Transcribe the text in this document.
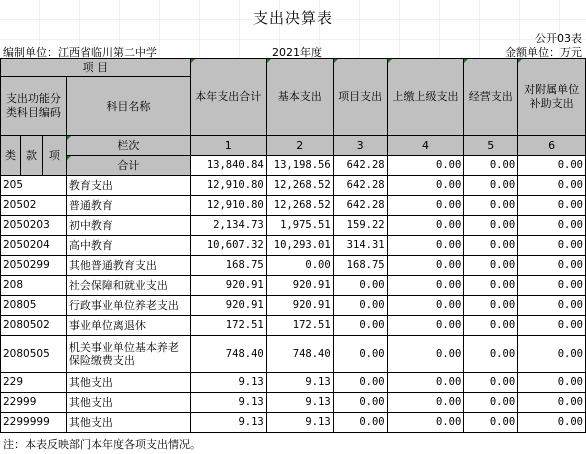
支出决算表
公开03表
编制单位：江西省临川第二中学	2021年度	金额单位：万元
项 目				本年支出合计	基本支出	项目支出	上缴上级支出	经营支出	对附属单位补助支出
支出功能分类科目编码			科目名称						

类	款	项	栏次	1	2	3	4	5	6
			合计	13,840.84	13,198.56	642.28	0.00	0.00	0.00
205			教育支出	12,910.80	12,268.52	642.28	0.00	0.00	0.00
20502			普通教育	12,910.80	12,268.52	642.28	0.00	0.00	0.00
2050203			初中教育	2,134.73	1,975.51	159.22	0.00	0.00	0.00
2050204			高中教育	10,607.32	10,293.01	314.31	0.00	0.00	0.00
2050299			其他普通教育支出	168.75	0.00	168.75	0.00	0.00	0.00
208			社会保障和就业支出	920.91	920.91	0.00	0.00	0.00	0.00
20805			行政事业单位养老支出	920.91	920.91	0.00	0.00	0.00	0.00
2080502			事业单位离退休	172.51	172.51	0.00	0.00	0.00	0.00
2080505			机关事业单位基本养老保险缴费支出	748.40	748.40	0.00	0.00	0.00	0.00
229			其他支出	9.13	9.13	0.00	0.00	0.00	0.00
22999			其他支出	9.13	9.13	0.00	0.00	0.00	0.00
2299999			其他支出	9.13	9.13	0.00	0.00	0.00	0.00
注：本表反映部门本年度各项支出情况。
